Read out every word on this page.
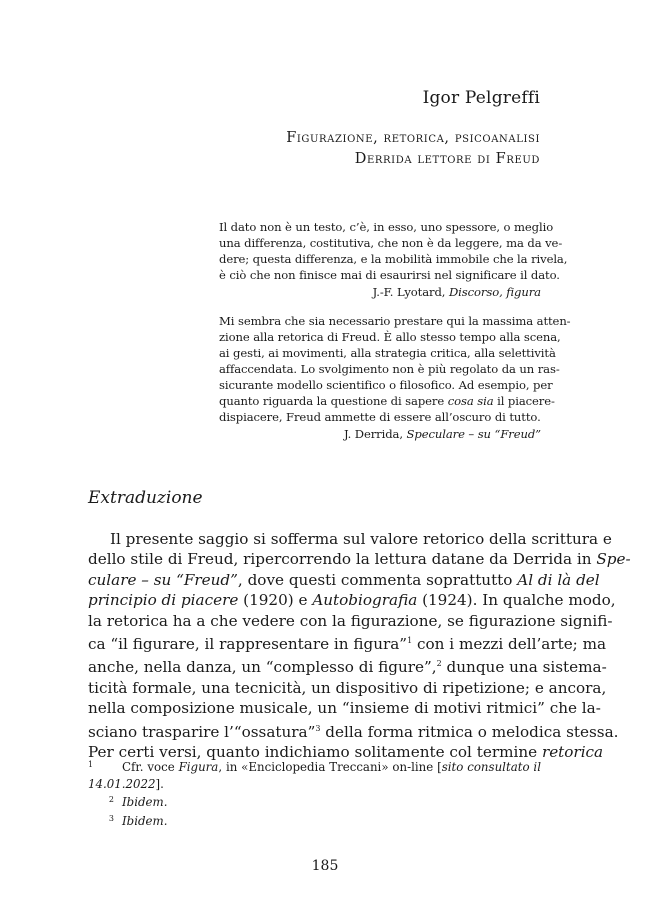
Igor Pelgreffi
Figurazione, retorica, psicoanalisi
Derrida lettore di Freud
Il dato non è un testo, c’è, in esso, uno spessore, o meglio
una differenza, costitutiva, che non è da leggere, ma da ve-
dere; questa differenza, e la mobilità immobile che la rivela,
è ciò che non finisce mai di esaurirsi nel significare il dato.
J.-F. Lyotard, Discorso, figura
Mi sembra che sia necessario prestare qui la massima atten-
zione alla retorica di Freud. È allo stesso tempo alla scena,
ai gesti, ai movimenti, alla strategia critica, alla selettività
affaccendata. Lo svolgimento non è più regolato da un ras-
sicurante modello scientifico o filosofico. Ad esempio, per
quanto riguarda la questione di sapere cosa sia il piacere-
dispiacere, Freud ammette di essere all’oscuro di tutto.
J. Derrida, Speculare – su “Freud”
Extraduzione
Il presente saggio si sofferma sul valore retorico della scrittura e
dello stile di Freud, ripercorrendo la lettura datane da Derrida in Spe-
culare – su “Freud”, dove questi commenta soprattutto Al di là del
principio di piacere (1920) e Autobiografia (1924). In qualche modo,
la retorica ha a che vedere con la figurazione, se figurazione signifi-
ca “il figurare, il rappresentare in figura”$^1$ con i mezzi dell’arte; ma
anche, nella danza, un “complesso di figure”,$^2$ dunque una sistema-
ticità formale, una tecnicità, un dispositivo di ripetizione; e ancora,
nella composizione musicale, un “insieme di motivi ritmici” che la-
sciano trasparire l’“ossatura”$^3$ della forma ritmica o melodica stessa.
Per certi versi, quanto indichiamo solitamente col termine retorica
1 Cfr. voce Figura, in «Enciclopedia Treccani» on-line [sito consultato il
14.01.2022].
2 Ibidem.
3 Ibidem.
185
